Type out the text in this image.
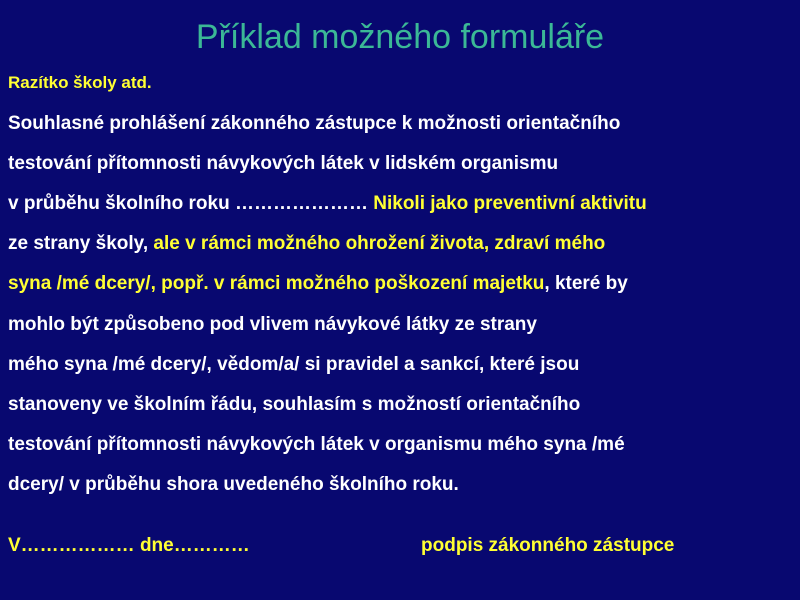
Příklad možného formuláře
Razítko školy atd.
Souhlasné prohlášení zákonného zástupce k možnosti orientačního
testování přítomnosti návykových látek v lidském organismu
v průběhu školního roku ………………… Nikoli jako preventivní aktivitu
ze strany školy, ale v rámci možného ohrožení života, zdraví mého
syna /mé dcery/, popř. v rámci možného poškození majetku, které by
mohlo být způsobeno pod vlivem návykové látky ze strany
mého syna /mé dcery/, vědom/a/ si pravidel a sankcí, které jsou
stanoveny ve školním řádu, souhlasím s možností orientačního
testování přítomnosti návykových látek v organismu mého syna /mé
dcery/ v průběhu shora uvedeného školního roku.
V……………… dne…………	podpis zákonného zástupce
